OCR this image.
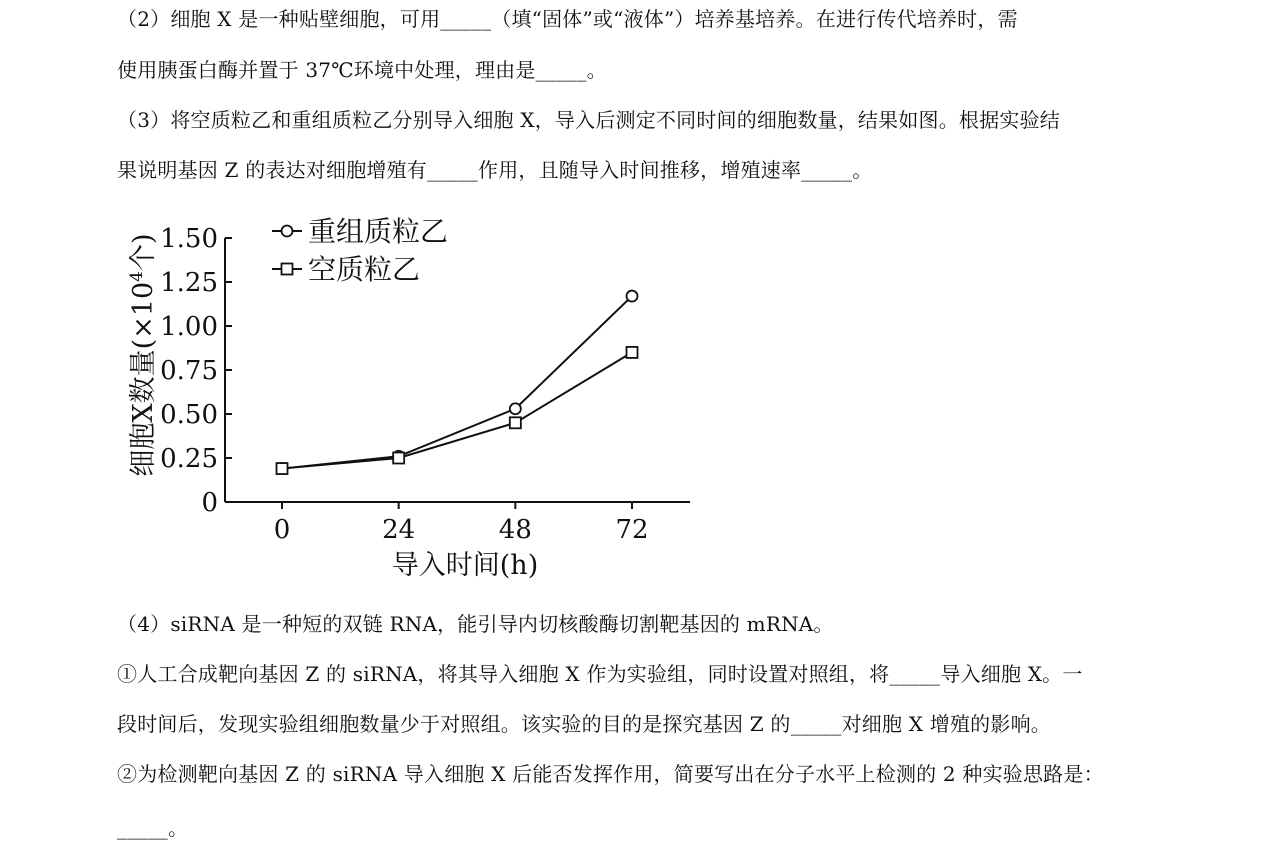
（2）细胞 X 是一种贴壁细胞，可用_____（填“固体”或“液体”）培养基培养。在进行传代培养时，需
使用胰蛋白酶并置于 37℃环境中处理，理由是_____。
（3）将空质粒乙和重组质粒乙分别导入细胞 X，导入后测定不同时间的细胞数量，结果如图。根据实验结
果说明基因 Z 的表达对细胞增殖有_____作用，且随导入时间推移，增殖速率_____。
0
0.25
0.50
0.75
1.00
1.25
1.50
0	24	48	72
重组质粒乙
空质粒乙
导入时间(h)
细胞X数量($\times 10^4$个)
（4）siRNA 是一种短的双链 RNA，能引导内切核酸酶切割靶基因的 mRNA。
①人工合成靶向基因 Z 的 siRNA，将其导入细胞 X 作为实验组，同时设置对照组，将_____导入细胞 X。一
段时间后，发现实验组细胞数量少于对照组。该实验的目的是探究基因 Z 的_____对细胞 X 增殖的影响。
②为检测靶向基因 Z 的 siRNA 导入细胞 X 后能否发挥作用，简要写出在分子水平上检测的 2 种实验思路是：
_____。
